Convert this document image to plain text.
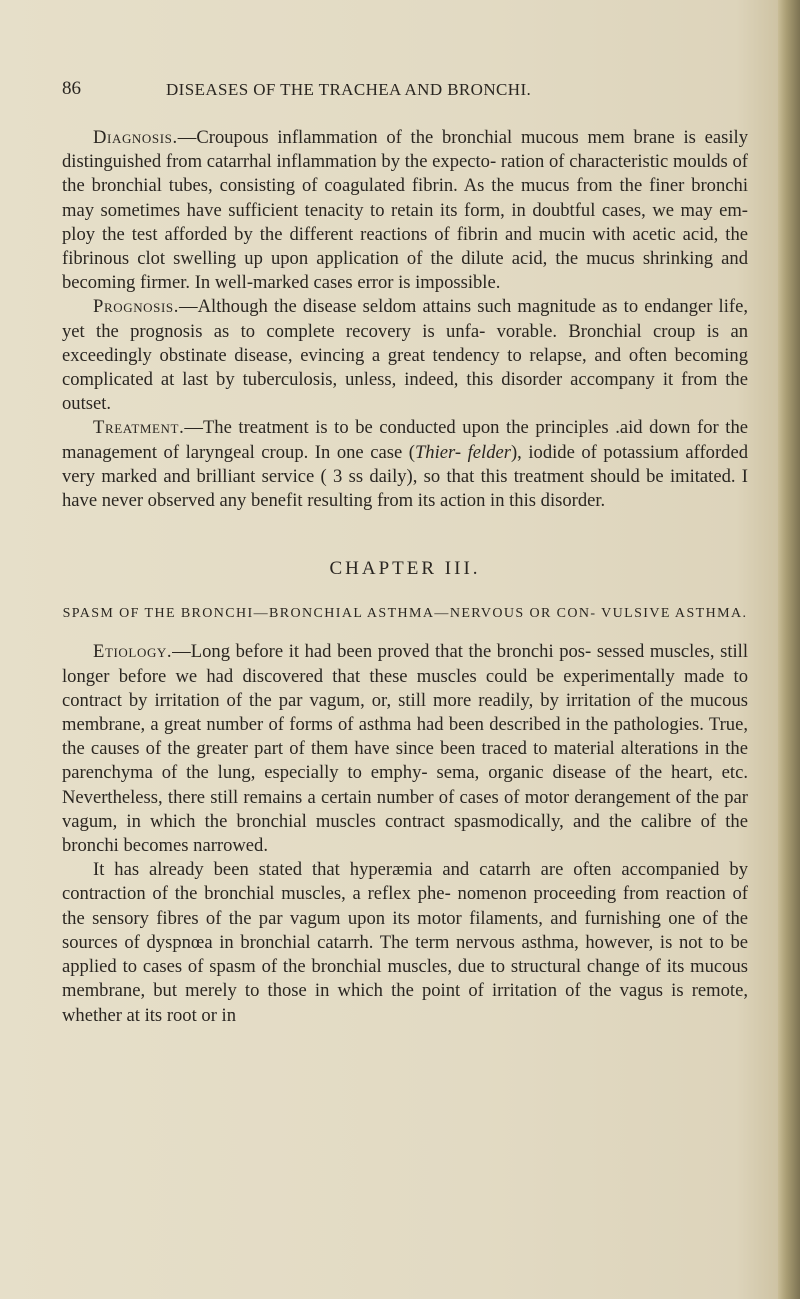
86	DISEASES OF THE TRACHEA AND BRONCHI.

Diagnosis.—Croupous inflammation of the bronchial mucous mem brane is easily distinguished from catarrhal inflammation by the expecto- ration of characteristic moulds of the bronchial tubes, consisting of coagulated fibrin. As the mucus from the finer bronchi may sometimes have sufficient tenacity to retain its form, in doubtful cases, we may em- ploy the test afforded by the different reactions of fibrin and mucin with acetic acid, the fibrinous clot swelling up upon application of the dilute acid, the mucus shrinking and becoming firmer. In well-marked cases error is impossible.

Prognosis.—Although the disease seldom attains such magnitude as to endanger life, yet the prognosis as to complete recovery is unfa- vorable. Bronchial croup is an exceedingly obstinate disease, evincing a great tendency to relapse, and often becoming complicated at last by tuberculosis, unless, indeed, this disorder accompany it from the outset.

Treatment.—The treatment is to be conducted upon the principles .aid down for the management of laryngeal croup. In one case (Thier- felder), iodide of potassium afforded very marked and brilliant service ( 3 ss daily), so that this treatment should be imitated. I have never observed any benefit resulting from its action in this disorder.

CHAPTER III.

SPASM OF THE BRONCHI—BRONCHIAL ASTHMA—NERVOUS OR CON- VULSIVE ASTHMA.

Etiology.—Long before it had been proved that the bronchi pos- sessed muscles, still longer before we had discovered that these muscles could be experimentally made to contract by irritation of the par vagum, or, still more readily, by irritation of the mucous membrane, a great number of forms of asthma had been described in the pathologies. True, the causes of the greater part of them have since been traced to material alterations in the parenchyma of the lung, especially to emphy- sema, organic disease of the heart, etc. Nevertheless, there still remains a certain number of cases of motor derangement of the par vagum, in which the bronchial muscles contract spasmodically, and the calibre of the bronchi becomes narrowed.

It has already been stated that hyperæmia and catarrh are often accompanied by contraction of the bronchial muscles, a reflex phe- nomenon proceeding from reaction of the sensory fibres of the par vagum upon its motor filaments, and furnishing one of the sources of dyspnœa in bronchial catarrh. The term nervous asthma, however, is not to be applied to cases of spasm of the bronchial muscles, due to structural change of its mucous membrane, but merely to those in which the point of irritation of the vagus is remote, whether at its root or in
